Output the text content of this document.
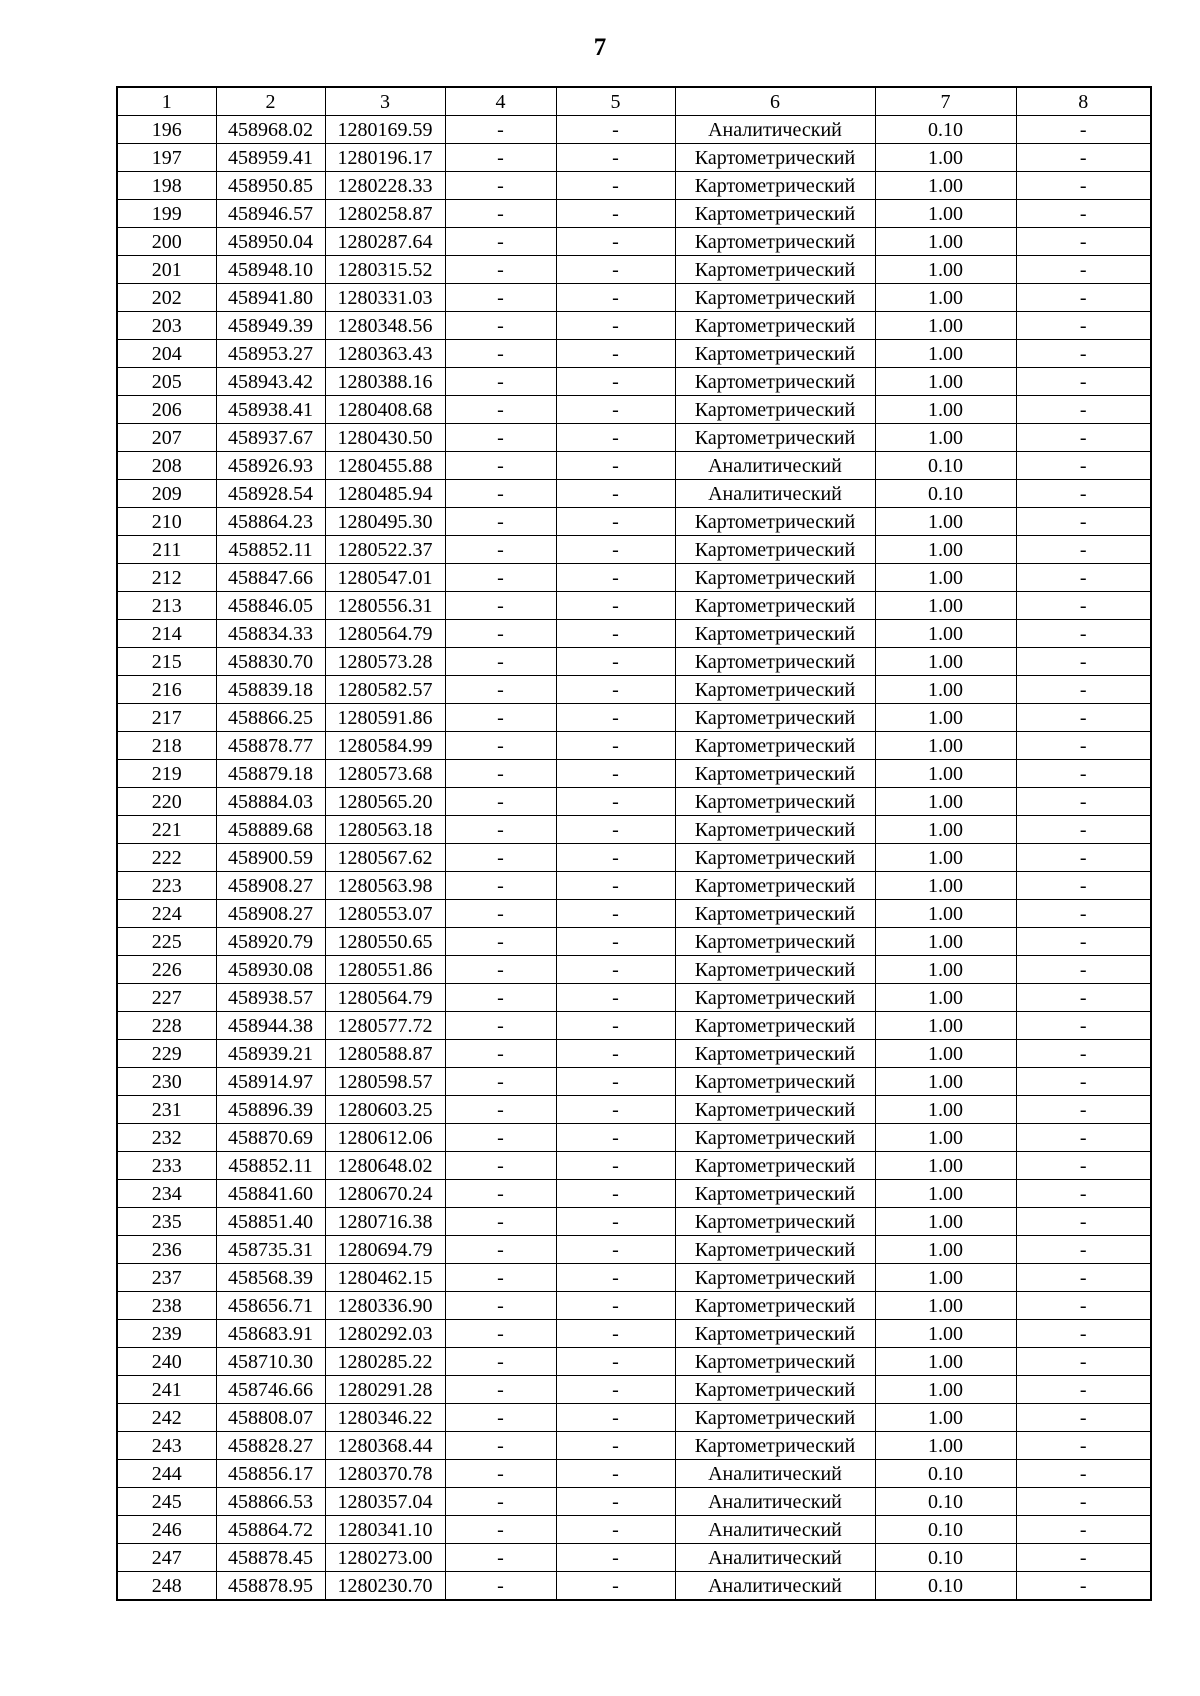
7
1	2	3	4	5	6	7	8
196	458968.02	1280169.59	-	-	Аналитический	0.10	-
197	458959.41	1280196.17	-	-	Картометрический	1.00	-
198	458950.85	1280228.33	-	-	Картометрический	1.00	-
199	458946.57	1280258.87	-	-	Картометрический	1.00	-
200	458950.04	1280287.64	-	-	Картометрический	1.00	-
201	458948.10	1280315.52	-	-	Картометрический	1.00	-
202	458941.80	1280331.03	-	-	Картометрический	1.00	-
203	458949.39	1280348.56	-	-	Картометрический	1.00	-
204	458953.27	1280363.43	-	-	Картометрический	1.00	-
205	458943.42	1280388.16	-	-	Картометрический	1.00	-
206	458938.41	1280408.68	-	-	Картометрический	1.00	-
207	458937.67	1280430.50	-	-	Картометрический	1.00	-
208	458926.93	1280455.88	-	-	Аналитический	0.10	-
209	458928.54	1280485.94	-	-	Аналитический	0.10	-
210	458864.23	1280495.30	-	-	Картометрический	1.00	-
211	458852.11	1280522.37	-	-	Картометрический	1.00	-
212	458847.66	1280547.01	-	-	Картометрический	1.00	-
213	458846.05	1280556.31	-	-	Картометрический	1.00	-
214	458834.33	1280564.79	-	-	Картометрический	1.00	-
215	458830.70	1280573.28	-	-	Картометрический	1.00	-
216	458839.18	1280582.57	-	-	Картометрический	1.00	-
217	458866.25	1280591.86	-	-	Картометрический	1.00	-
218	458878.77	1280584.99	-	-	Картометрический	1.00	-
219	458879.18	1280573.68	-	-	Картометрический	1.00	-
220	458884.03	1280565.20	-	-	Картометрический	1.00	-
221	458889.68	1280563.18	-	-	Картометрический	1.00	-
222	458900.59	1280567.62	-	-	Картометрический	1.00	-
223	458908.27	1280563.98	-	-	Картометрический	1.00	-
224	458908.27	1280553.07	-	-	Картометрический	1.00	-
225	458920.79	1280550.65	-	-	Картометрический	1.00	-
226	458930.08	1280551.86	-	-	Картометрический	1.00	-
227	458938.57	1280564.79	-	-	Картометрический	1.00	-
228	458944.38	1280577.72	-	-	Картометрический	1.00	-
229	458939.21	1280588.87	-	-	Картометрический	1.00	-
230	458914.97	1280598.57	-	-	Картометрический	1.00	-
231	458896.39	1280603.25	-	-	Картометрический	1.00	-
232	458870.69	1280612.06	-	-	Картометрический	1.00	-
233	458852.11	1280648.02	-	-	Картометрический	1.00	-
234	458841.60	1280670.24	-	-	Картометрический	1.00	-
235	458851.40	1280716.38	-	-	Картометрический	1.00	-
236	458735.31	1280694.79	-	-	Картометрический	1.00	-
237	458568.39	1280462.15	-	-	Картометрический	1.00	-
238	458656.71	1280336.90	-	-	Картометрический	1.00	-
239	458683.91	1280292.03	-	-	Картометрический	1.00	-
240	458710.30	1280285.22	-	-	Картометрический	1.00	-
241	458746.66	1280291.28	-	-	Картометрический	1.00	-
242	458808.07	1280346.22	-	-	Картометрический	1.00	-
243	458828.27	1280368.44	-	-	Картометрический	1.00	-
244	458856.17	1280370.78	-	-	Аналитический	0.10	-
245	458866.53	1280357.04	-	-	Аналитический	0.10	-
246	458864.72	1280341.10	-	-	Аналитический	0.10	-
247	458878.45	1280273.00	-	-	Аналитический	0.10	-
248	458878.95	1280230.70	-	-	Аналитический	0.10	-
